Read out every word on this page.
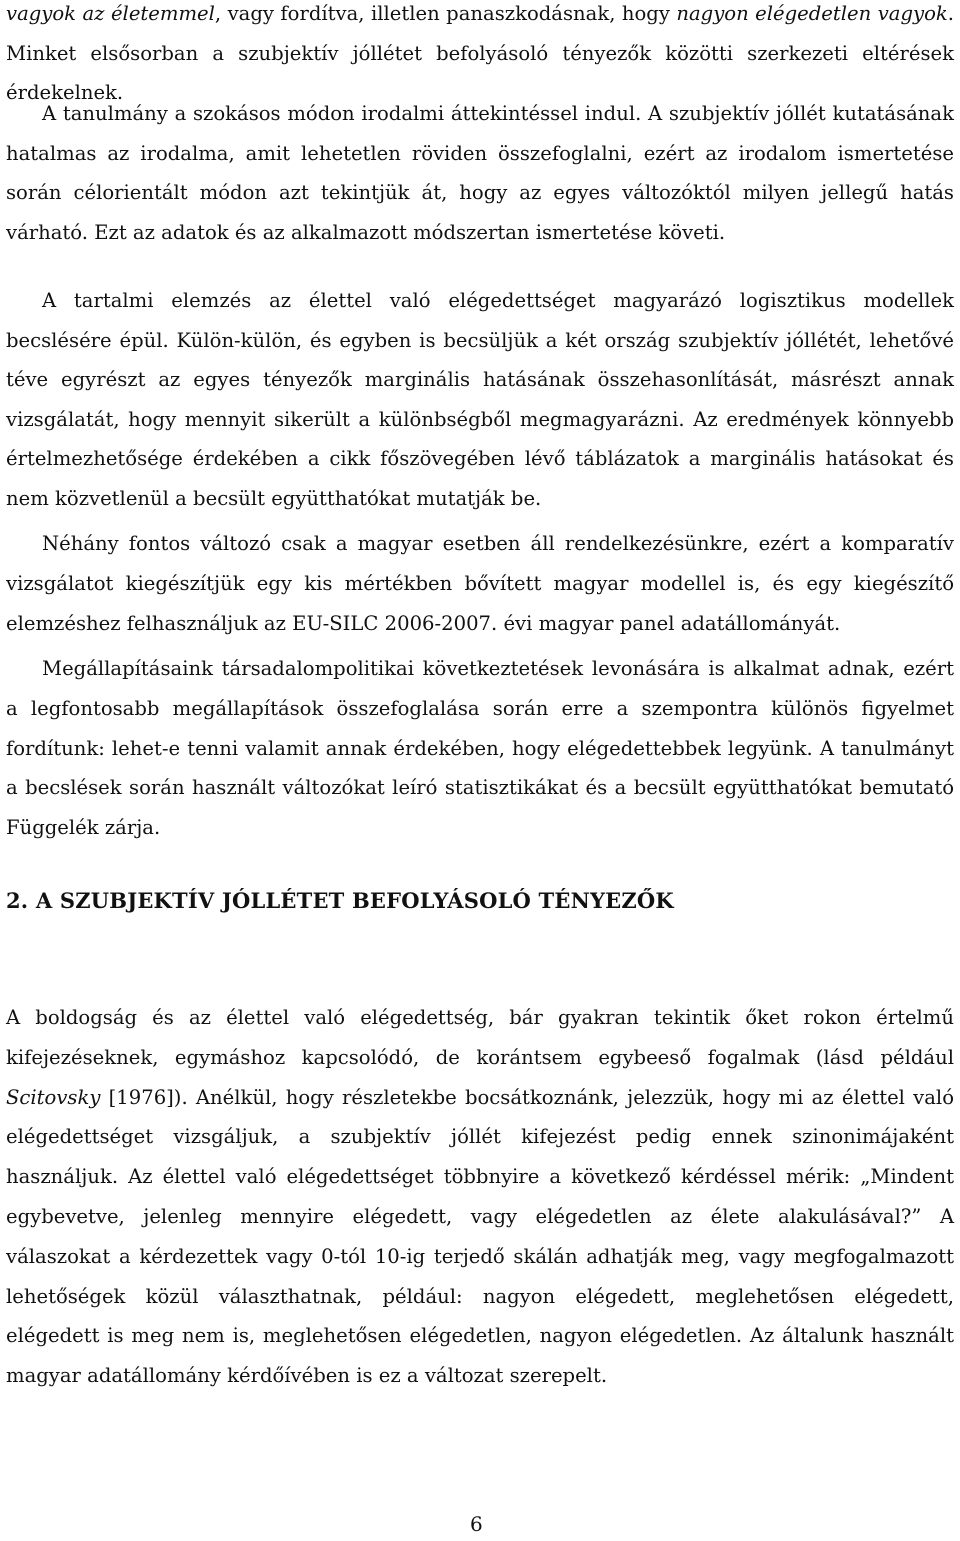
vagyok az életemmel, vagy fordítva, illetlen panaszkodásnak, hogy nagyon elégedetlen vagyok. Minket elsősorban a szubjektív jóllétet befolyásoló tényezők közötti szerkezeti eltérések érdekelnek.

A tanulmány a szokásos módon irodalmi áttekintéssel indul. A szubjektív jóllét kutatásának hatalmas az irodalma, amit lehetetlen röviden összefoglalni, ezért az irodalom ismertetése során célorientált módon azt tekintjük át, hogy az egyes változóktól milyen jellegű hatás várható. Ezt az adatok és az alkalmazott módszertan ismertetése követi.

A tartalmi elemzés az élettel való elégedettséget magyarázó logisztikus modellek becslésére épül. Külön-külön, és egyben is becsüljük a két ország szubjektív jóllétét, lehetővé téve egyrészt az egyes tényezők marginális hatásának összehasonlítását, másrészt annak vizsgálatát, hogy mennyit sikerült a különbségből megmagyarázni. Az eredmények könnyebb értelmezhetősége érdekében a cikk főszövegében lévő táblázatok a marginális hatásokat és nem közvetlenül a becsült együtthatókat mutatják be.

Néhány fontos változó csak a magyar esetben áll rendelkezésünkre, ezért a komparatív vizsgálatot kiegészítjük egy kis mértékben bővített magyar modellel is, és egy kiegészítő elemzéshez felhasználjuk az EU-SILC 2006-2007. évi magyar panel adatállományát.

Megállapításaink társadalompolitikai következtetések levonására is alkalmat adnak, ezért a legfontosabb megállapítások összefoglalása során erre a szempontra különös figyelmet fordítunk: lehet-e tenni valamit annak érdekében, hogy elégedettebbek legyünk. A tanulmányt a becslések során használt változókat leíró statisztikákat és a becsült együtthatókat bemutató Függelék zárja.

2. A SZUBJEKTÍV JÓLLÉTET BEFOLYÁSOLÓ TÉNYEZŐK

A boldogság és az élettel való elégedettség, bár gyakran tekintik őket rokon értelmű kifejezéseknek, egymáshoz kapcsolódó, de korántsem egybeeső fogalmak (lásd például Scitovsky [1976]). Anélkül, hogy részletekbe bocsátkoznánk, jelezzük, hogy mi az élettel való elégedettséget vizsgáljuk, a szubjektív jóllét kifejezést pedig ennek szinonimájaként használjuk. Az élettel való elégedettséget többnyire a következő kérdéssel mérik: „Mindent egybevetve, jelenleg mennyire elégedett, vagy elégedetlen az élete alakulásával?” A válaszokat a kérdezettek vagy 0-tól 10-ig terjedő skálán adhatják meg, vagy megfogalmazott lehetőségek közül választhatnak, például: nagyon elégedett, meglehetősen elégedett, elégedett is meg nem is, meglehetősen elégedetlen, nagyon elégedetlen. Az általunk használt magyar adatállomány kérdőívében is ez a változat szerepelt.

6
